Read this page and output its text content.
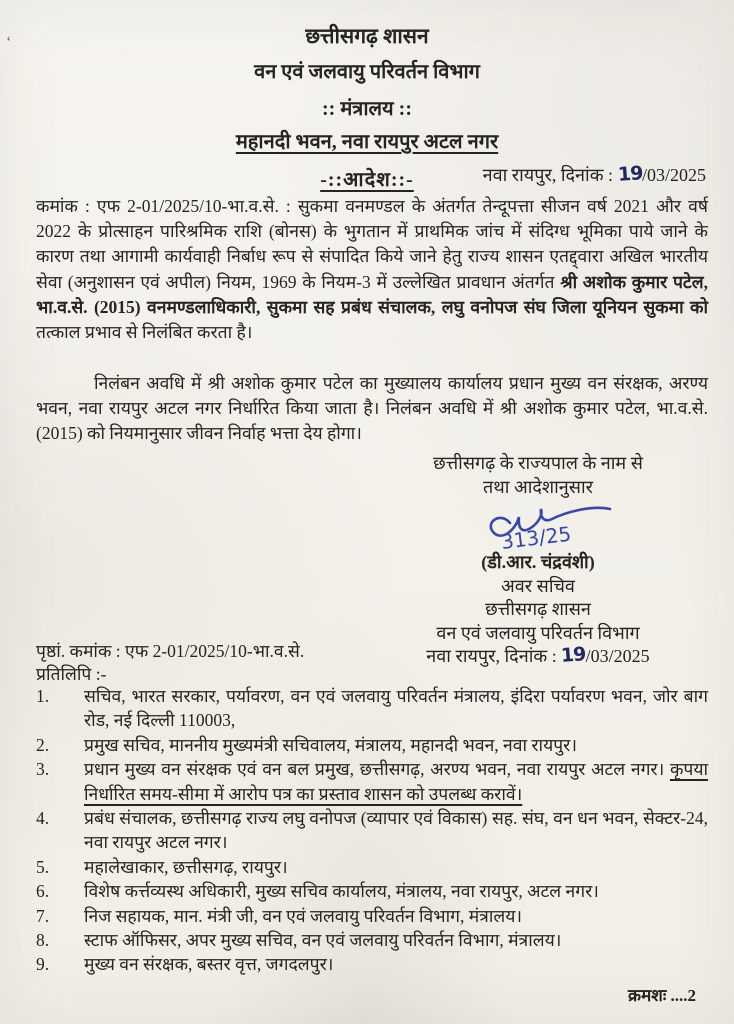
‘	छत्तीसगढ़ शासन
वन एवं जलवायु परिवर्तन विभाग
:: मंत्रालय ::
महानदी भवन, नवा रायपुर अटल नगर
-::आदेश::-	नवा रायपुर, दिनांक : 19/03/2025
कमांक : एफ 2-01/2025/10-भा.व.से. : सुकमा वनमण्डल के अंतर्गत तेन्दूपत्ता सीजन वर्ष 2021 और वर्ष 2022 के प्रोत्साहन पारिश्रमिक राशि (बोनस) के भुगतान में प्राथमिक जांच में संदिग्ध भूमिका पाये जाने के कारण तथा आगामी कार्यवाही निर्बाध रूप से संपादित किये जाने हेतु राज्य शासन एतद्द्वारा अखिल भारतीय सेवा (अनुशासन एवं अपील) नियम, 1969 के नियम-3 में उल्लेखित प्रावधान अंतर्गत श्री अशोक कुमार पटेल, भा.व.से. (2015) वनमण्डलाधिकारी, सुकमा सह प्रबंध संचालक, लघु वनोपज संघ जिला यूनियन सुकमा को तत्काल प्रभाव से निलंबित करता है।
निलंबन अवधि में श्री अशोक कुमार पटेल का मुख्यालय कार्यालय प्रधान मुख्य वन संरक्षक, अरण्य भवन, नवा रायपुर अटल नगर निर्धारित किया जाता है। निलंबन अवधि में श्री अशोक कुमार पटेल, भा.व.से. (2015) को नियमानुसार जीवन निर्वाह भत्ता देय होगा।
छत्तीसगढ़ के राज्यपाल के नाम से
तथा आदेशानुसार
313/25
(डी.आर. चंद्रवंशी)
अवर सचिव
छत्तीसगढ़ शासन
वन एवं जलवायु परिवर्तन विभाग
नवा रायपुर, दिनांक : 19/03/2025
पृष्ठां. कमांक : एफ 2-01/2025/10-भा.व.से.
प्रतिलिपि :-
1.	सचिव, भारत सरकार, पर्यावरण, वन एवं जलवायु परिवर्तन मंत्रालय, इंदिरा पर्यावरण भवन, जोर बाग रोड, नई दिल्ली 110003,
2.	प्रमुख सचिव, माननीय मुख्यमंत्री सचिवालय, मंत्रालय, महानदी भवन, नवा रायपुर।
3.	प्रधान मुख्य वन संरक्षक एवं वन बल प्रमुख, छत्तीसगढ़, अरण्य भवन, नवा रायपुर अटल नगर। कृपया निर्धारित समय-सीमा में आरोप पत्र का प्रस्ताव शासन को उपलब्ध करावें।
4.	प्रबंध संचालक, छत्तीसगढ़ राज्य लघु वनोपज (व्यापार एवं विकास) सह. संघ, वन धन भवन, सेक्टर-24, नवा रायपुर अटल नगर।
5.	महालेखाकार, छत्तीसगढ़, रायपुर।
6.	विशेष कर्त्तव्यस्थ अधिकारी, मुख्य सचिव कार्यालय, मंत्रालय, नवा रायपुर, अटल नगर।
7.	निज सहायक, मान. मंत्री जी, वन एवं जलवायु परिवर्तन विभाग, मंत्रालय।
8.	स्टाफ ऑफिसर, अपर मुख्य सचिव, वन एवं जलवायु परिवर्तन विभाग, मंत्रालय।
9.	मुख्य वन संरक्षक, बस्तर वृत्त, जगदलपुर।
क्रमशः ....2
